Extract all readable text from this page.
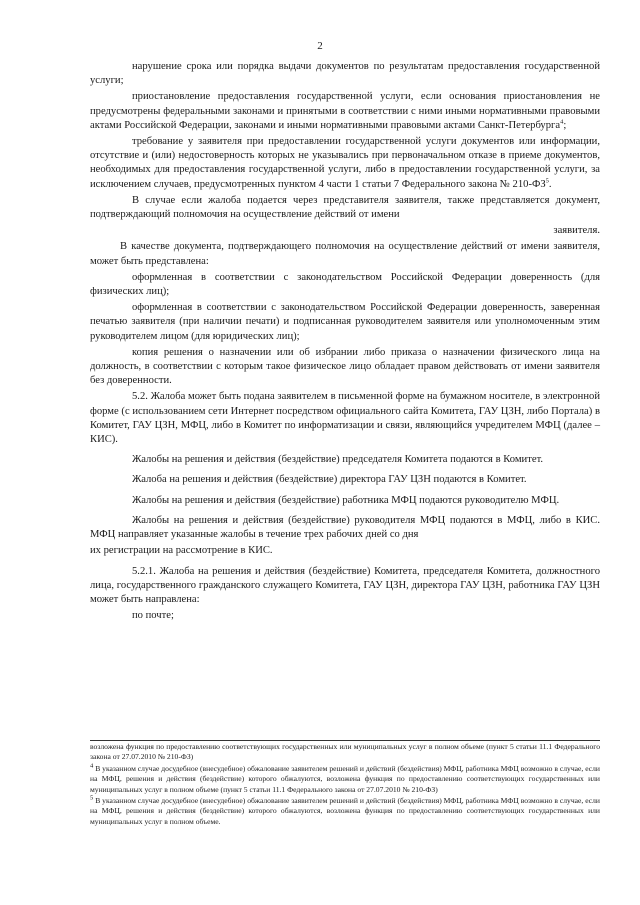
2

нарушение срока или порядка выдачи документов по результатам предоставления государственной услуги;

приостановление предоставления государственной услуги, если основания приостановления не предусмотрены федеральными законами и принятыми в соответствии с ними иными нормативными правовыми актами Российской Федерации, законами и иными нормативными правовыми актами Санкт-Петербурга$^4$;

требование у заявителя при предоставлении государственной услуги документов или информации, отсутствие и (или) недостоверность которых не указывались при первоначальном отказе в приеме документов, необходимых для предоставления государственной услуги, либо в предоставлении государственной услуги, за исключением случаев, предусмотренных пунктом 4 части 1 статьи 7 Федерального закона № $210-ФЗ^5$.

В случае если жалоба подается через представителя заявителя, также представляется документ, подтверждающий полномочия на осуществление действий от имени

заявителя.

В качестве документа, подтверждающего полномочия на осуществление действий от имени заявителя, может быть представлена:

оформленная в соответствии с законодательством Российской Федерации доверенность (для физических лиц);

оформленная в соответствии с законодательством Российской Федерации доверенность, заверенная печатью заявителя (при наличии печати) и подписанная руководителем заявителя или уполномоченным этим руководителем лицом (для юридических лиц);

копия решения о назначении или об избрании либо приказа о назначении физического лица на должность, в соответствии с которым такое физическое лицо обладает правом действовать от имени заявителя без доверенности.

5.2. Жалоба может быть подана заявителем в письменной форме на бумажном носителе, в электронной форме (с использованием сети Интернет посредством официального сайта Комитета, ГАУ ЦЗН, либо Портала) в Комитет, ГАУ ЦЗН, МФЦ, либо в Комитет по информатизации и связи, являющийся учредителем МФЦ (далее – КИС).

Жалобы на решения и действия (бездействие) председателя Комитета подаются в Комитет.

Жалоба на решения и действия (бездействие) директора ГАУ ЦЗН подаются в Комитет.

Жалобы на решения и действия (бездействие) работника МФЦ подаются руководителю МФЦ.

Жалобы на решения и действия (бездействие) руководителя МФЦ подаются в МФЦ, либо в КИС. МФЦ направляет указанные жалобы в течение трех рабочих дней со дня

их регистрации на рассмотрение в КИС.

5.2.1. Жалоба на решения и действия (бездействие) Комитета, председателя Комитета, должностного лица, государственного гражданского служащего Комитета, ГАУ ЦЗН, директора ГАУ ЦЗН, работника ГАУ ЦЗН может быть направлена:

по почте;

возложена функция по предоставлению соответствующих государственных или муниципальных услуг в полном объеме (пункт 5 статьи 11.1 Федерального закона от 27.07.2010 № 210-ФЗ)

$^4$ В указанном случае досудебное (внесудебное) обжалование заявителем решений и действий (бездействия) МФЦ, работника МФЦ возможно в случае, если на МФЦ, решения и действия (бездействие) которого обжалуются, возложена функция по предоставлению соответствующих государственных или муниципальных услуг в полном объеме (пункт 5 статьи 11.1 Федерального закона от 27.07.2010 № 210-ФЗ)

$^5$ В указанном случае досудебное (внесудебное) обжалование заявителем решений и действий (бездействия) МФЦ, работника МФЦ возможно в случае, если на МФЦ, решения и действия (бездействие) которого обжалуются, возложена функция по предоставлению соответствующих государственных или муниципальных услуг в полном объеме.
